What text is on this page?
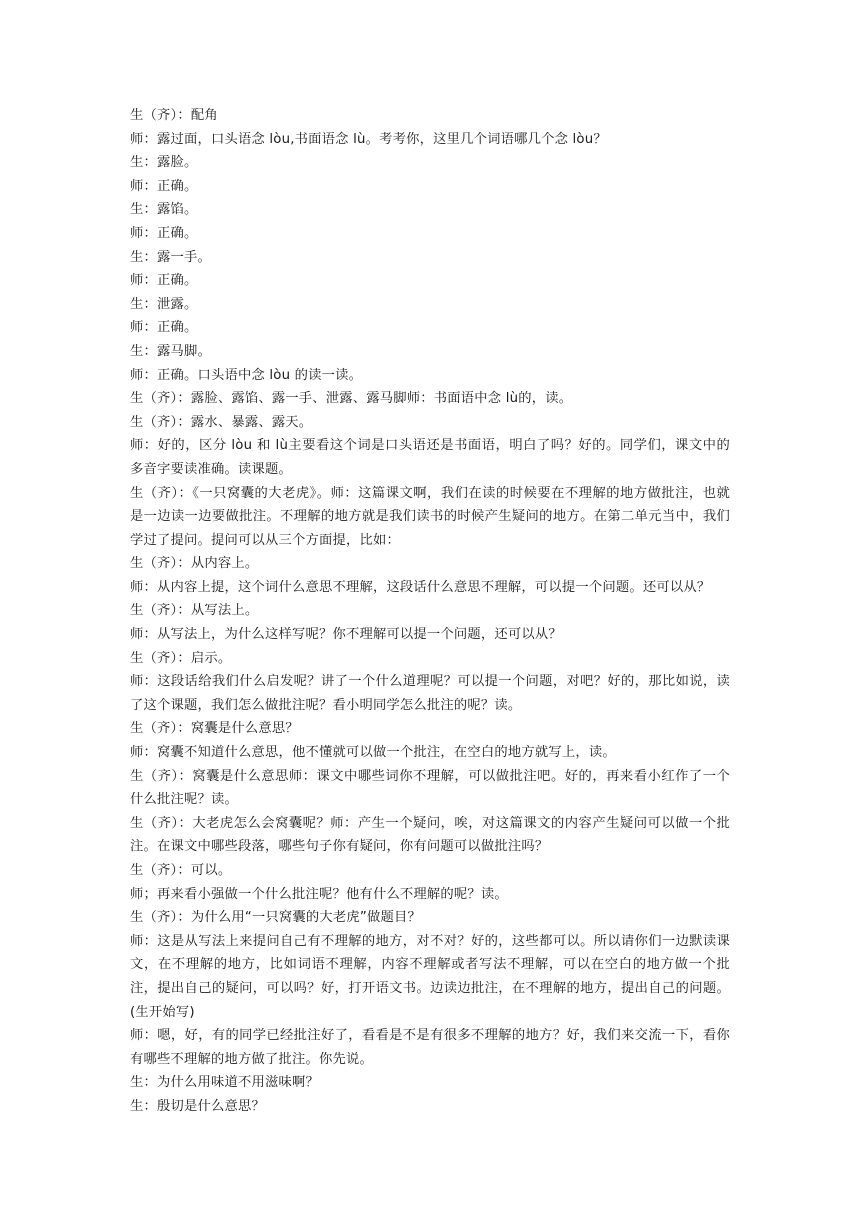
生（齐）：配角

师：露过面，口头语念 lòu,书面语念 lù。考考你，这里几个词语哪几个念 lòu？

生：露脸。

师：正确。

生：露馅。

师：正确。

生：露一手。

师：正确。

生：泄露。

师：正确。

生：露马脚。

师：正确。口头语中念 lòu 的读一读。

生（齐）：露脸、露馅、露一手、泄露、露马脚师：书面语中念 lù的，读。

生（齐）：露水、暴露、露天。

师：好的，区分 lòu 和 lù主要看这个词是口头语还是书面语，明白了吗？好的。同学们，课文中的多音字要读准确。读课题。

生（齐）：《一只窝囊的大老虎》。师：这篇课文啊，我们在读的时候要在不理解的地方做批注，也就是一边读一边要做批注。不理解的地方就是我们读书的时候产生疑问的地方。在第二单元当中，我们学过了提问。提问可以从三个方面提，比如：

生（齐）：从内容上。

师：从内容上提，这个词什么意思不理解，这段话什么意思不理解，可以提一个问题。还可以从？

生（齐）：从写法上。

师：从写法上，为什么这样写呢？你不理解可以提一个问题，还可以从？

生（齐）：启示。

师：这段话给我们什么启发呢？讲了一个什么道理呢？可以提一个问题，对吧？好的，那比如说，读了这个课题，我们怎么做批注呢？看小明同学怎么批注的呢？读。

生（齐）：窝囊是什么意思？

师：窝囊不知道什么意思，他不懂就可以做一个批注，在空白的地方就写上，读。

生（齐）：窝囊是什么意思师：课文中哪些词你不理解，可以做批注吧。好的，再来看小红作了一个什么批注呢？读。

生（齐）：大老虎怎么会窝囊呢？师：产生一个疑问，唉，对这篇课文的内容产生疑问可以做一个批注。在课文中哪些段落，哪些句子你有疑问，你有问题可以做批注吗？

生（齐）：可以。

师；再来看小强做一个什么批注呢？他有什么不理解的呢？读。

生（齐）：为什么用“一只窝囊的大老虎”做题目？

师：这是从写法上来提问自己有不理解的地方，对不对？好的，这些都可以。所以请你们一边默读课文，在不理解的地方，比如词语不理解，内容不理解或者写法不理解，可以在空白的地方做一个批注，提出自己的疑问，可以吗？好，打开语文书。边读边批注，在不理解的地方，提出自己的问题。(生开始写)

师：嗯，好，有的同学已经批注好了，看看是不是有很多不理解的地方？好，我们来交流一下，看你有哪些不理解的地方做了批注。你先说。

生：为什么用味道不用滋味啊？

生：殷切是什么意思？
